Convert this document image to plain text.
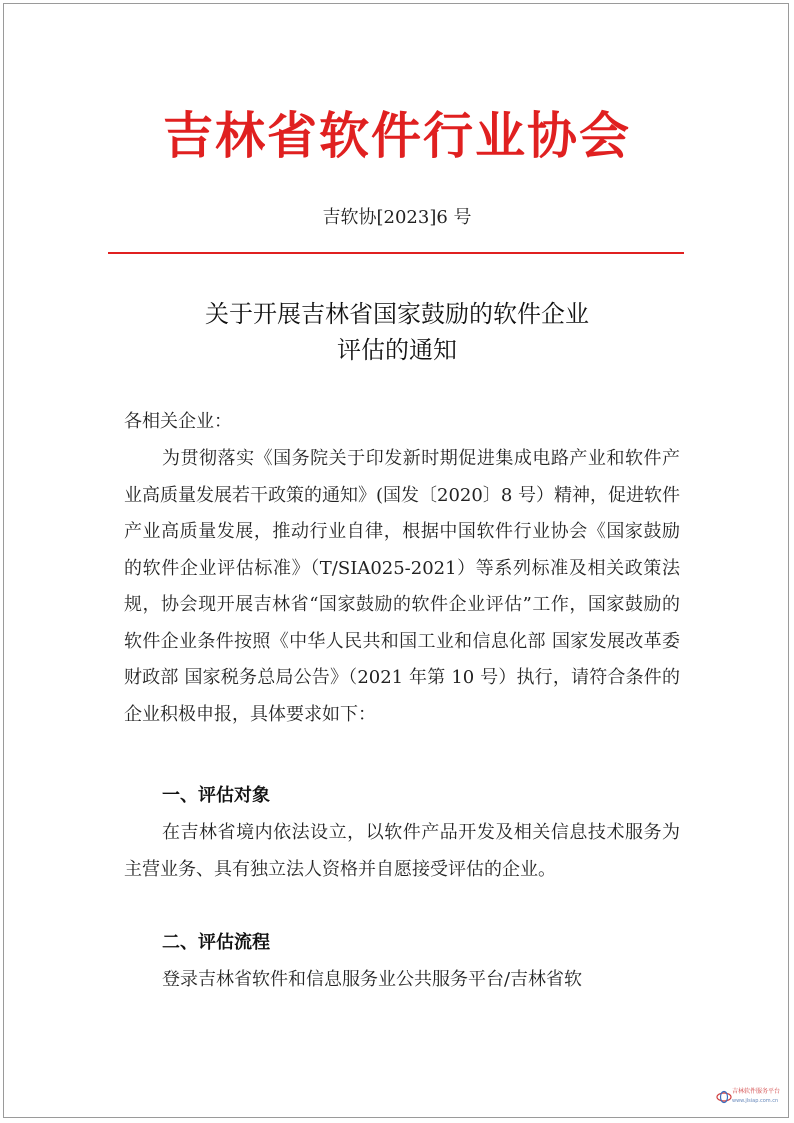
吉林省软件行业协会
吉软协[2023]6 号
关于开展吉林省国家鼓励的软件企业
评估的通知
各相关企业：
为贯彻落实《国务院关于印发新时期促进集成电路产业和软件产业高质量发展若干政策的通知》(国发〔2020〕8 号）精神，促进软件产业高质量发展，推动行业自律，根据中国软件行业协会《国家鼓励的软件企业评估标准》（T/SIA025-2021）等系列标准及相关政策法规，协会现开展吉林省“国家鼓励的软件企业评估”工作，国家鼓励的软件企业条件按照《中华人民共和国工业和信息化部 国家发展改革委 财政部 国家税务总局公告》（2021 年第 10 号）执行，请符合条件的企业积极申报，具体要求如下：
一、评估对象
在吉林省境内依法设立，以软件产品开发及相关信息技术服务为主营业务、具有独立法人资格并自愿接受评估的企业。
二、评估流程
登录吉林省软件和信息服务业公共服务平台/吉林省软
吉林软件服务平台
www.jlsiap.com.cn
